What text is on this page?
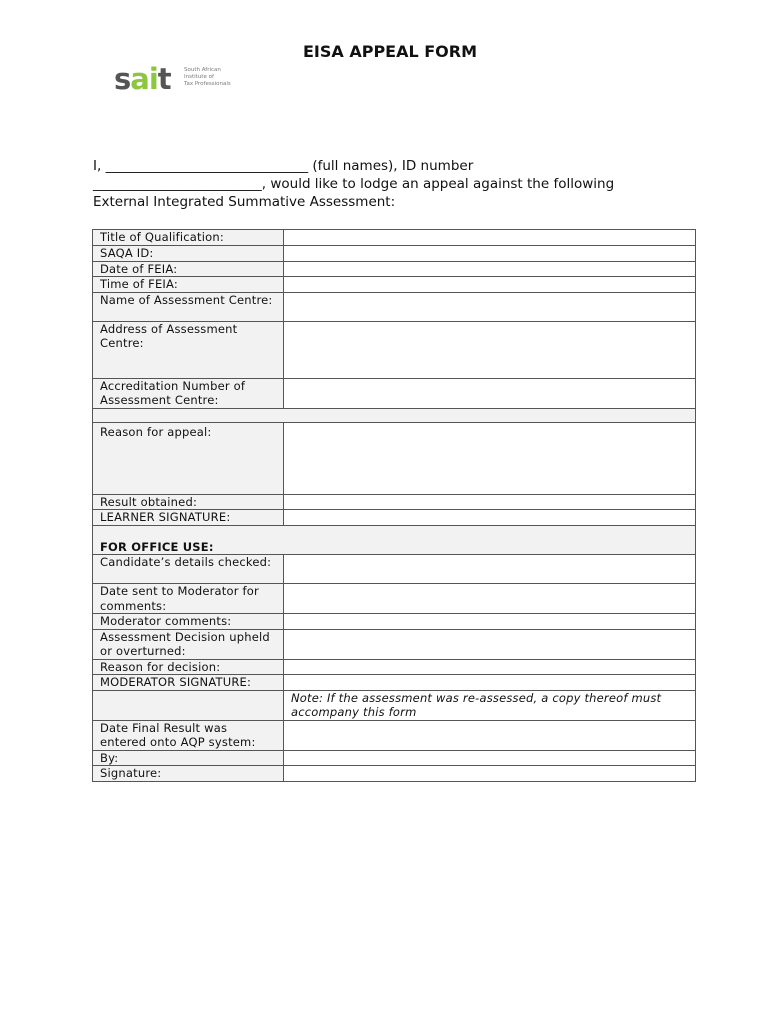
EISA APPEAL FORM
sait South African
Institute of
Tax Professionals
I, ______________________________ (full names), ID number
_________________________, would like to lodge an appeal against the following
External Integrated Summative Assessment:
Title of Qualification:	
SAQA ID:	
Date of FEIA:	
Time of FEIA:	
Name of Assessment Centre:	
Address of Assessment Centre:	
Accreditation Number of Assessment Centre:	

Reason for appeal:	
Result obtained:	
LEARNER SIGNATURE:	

FOR OFFICE USE:	

Candidate’s details checked:	
Date sent to Moderator for comments:	
Moderator comments:	
Assessment Decision upheld or overturned:	
Reason for decision:	
MODERATOR SIGNATURE:	
	Note: If the assessment was re-assessed, a copy thereof must accompany this form
Date Final Result was entered onto AQP system:	
By:	
Signature:	
